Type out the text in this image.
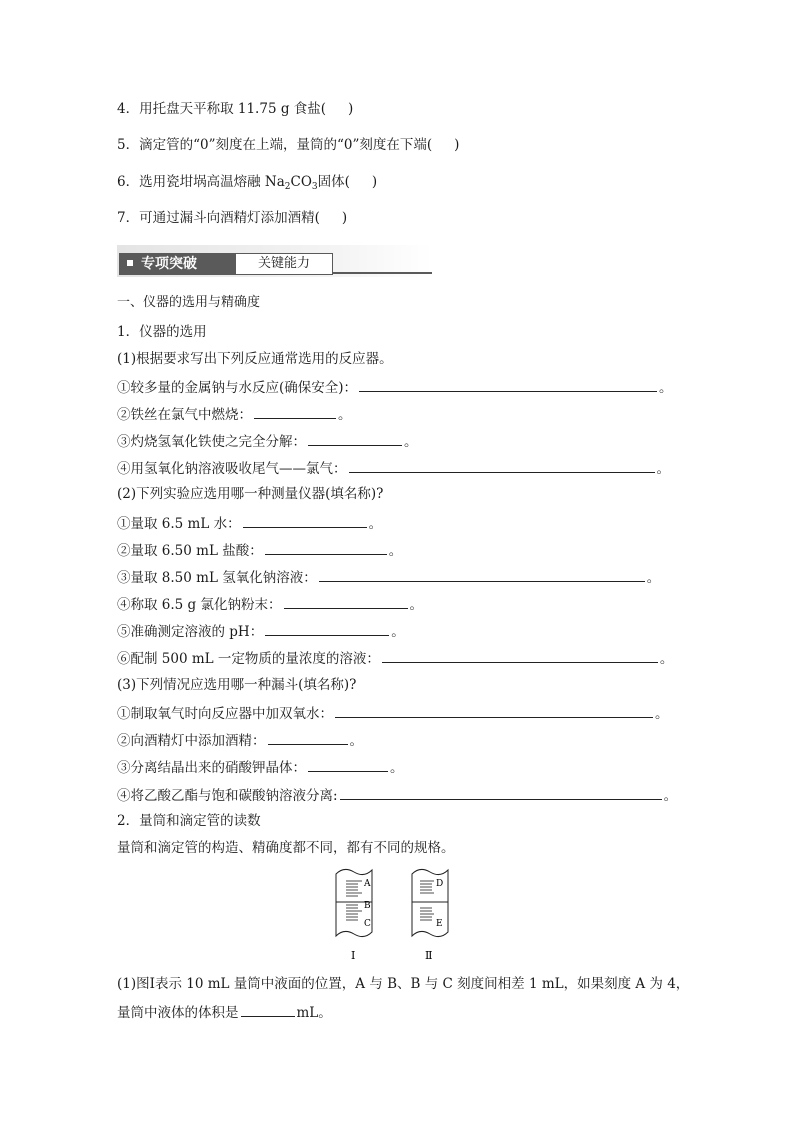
4．用托盘天平称取 11.75 g 食盐( )
5．滴定管的“0”刻度在上端，量筒的“0”刻度在下端( )
6．选用瓷坩埚高温熔融 $Na_2CO_3$固体( )
7．可通过漏斗向酒精灯添加酒精( )
专项突破	关键能力
一、仪器的选用与精确度
1．仪器的选用
(1)根据要求写出下列反应通常选用的反应器。
①较多量的金属钠与水反应(确保安全)：	。
②铁丝在氯气中燃烧：	。
③灼烧氢氧化铁使之完全分解：	。
④用氢氧化钠溶液吸收尾气——氯气：	。
(2)下列实验应选用哪一种测量仪器(填名称)?
①量取 6.5 mL 水：	。
②量取 6.50 mL 盐酸：	。
③量取 8.50 mL 氢氧化钠溶液：	。
④称取 6.5 g 氯化钠粉末：	。
⑤准确测定溶液的 pH：	。
⑥配制 500 mL 一定物质的量浓度的溶液：	。
(3)下列情况应选用哪一种漏斗(填名称)?
①制取氧气时向反应器中加双氧水：	。
②向酒精灯中添加酒精：	。
③分离结晶出来的硝酸钾晶体：	。
④将乙酸乙酯与饱和碳酸钠溶液分离:	。
2．量筒和滴定管的读数
量筒和滴定管的构造、精确度都不同，都有不同的规格。
A
B
C
Ⅰ
D
E
Ⅱ
(1)图Ⅰ表示 10 mL 量筒中液面的位置，A 与 B、B 与 C 刻度间相差 1 mL，如果刻度 A 为 4，
量筒中液体的体积是	mL。
